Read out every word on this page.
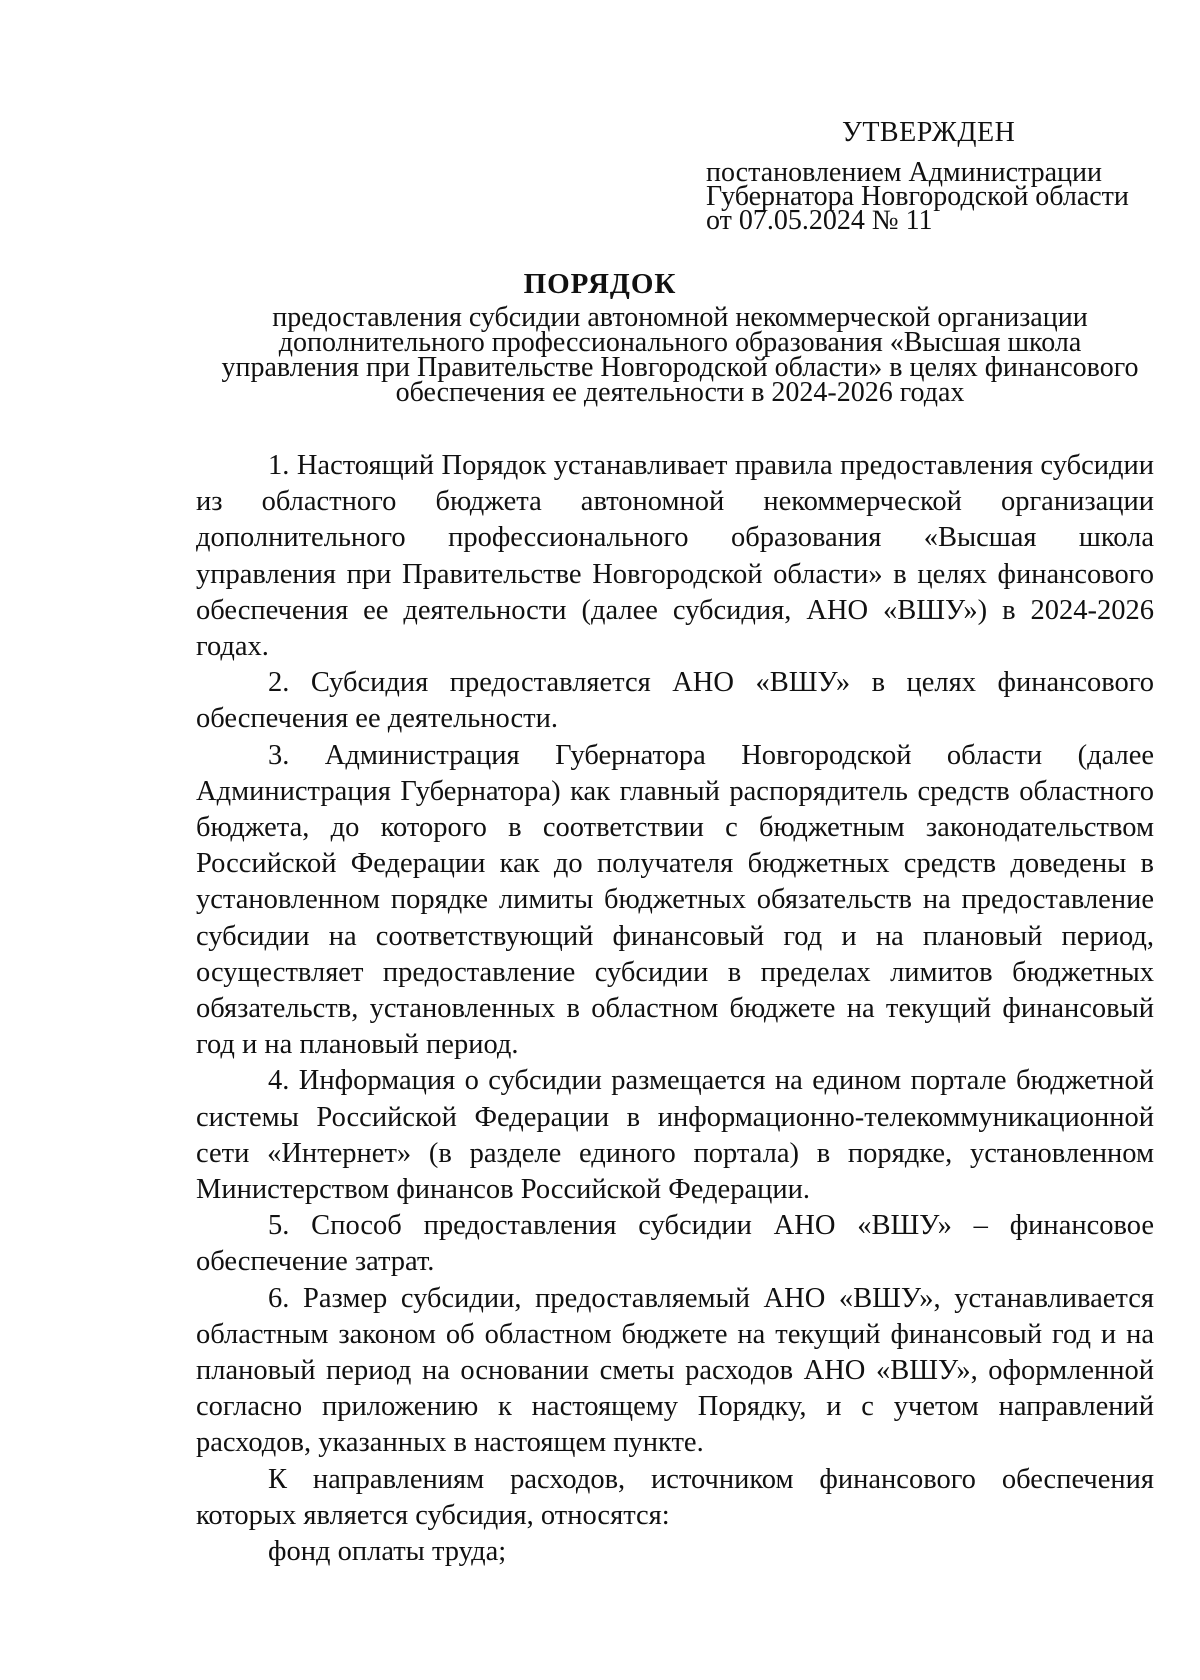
УТВЕРЖДЕН
постановлением Администрации
Губернатора Новгородской области
от 07.05.2024 № 11
ПОРЯДОК
предоставления субсидии автономной некоммерческой организации
дополнительного профессионального образования «Высшая школа
управления при Правительстве Новгородской области» в целях финансового
обеспечения ее деятельности в 2024-2026 годах

1. Настоящий Порядок устанавливает правила предоставления субсидии из областного бюджета автономной некоммерческой организации дополнительного профессионального образования «Высшая школа управления при Правительстве Новгородской области» в целях финансового обеспечения ее деятельности (далее субсидия, АНО «ВШУ») в 2024-2026 годах.

2. Субсидия предоставляется АНО «ВШУ» в целях финансового обеспечения ее деятельности.

3. Администрация Губернатора Новгородской области (далее Администрация Губернатора) как главный распорядитель средств областного бюджета, до которого в соответствии с бюджетным законодательством Российской Федерации как до получателя бюджетных средств доведены в установленном порядке лимиты бюджетных обязательств на предоставление субсидии на соответствующий финансовый год и на плановый период, осуществляет предоставление субсидии в пределах лимитов бюджетных обязательств, установленных в областном бюджете на текущий финансовый год и на плановый период.

4. Информация о субсидии размещается на едином портале бюджетной системы Российской Федерации в информационно-телекоммуникационной сети «Интернет» (в разделе единого портала) в порядке, установленном Министерством финансов Российской Федерации.

5. Способ предоставления субсидии АНО «ВШУ» – финансовое обеспечение затрат.

6. Размер субсидии, предоставляемый АНО «ВШУ», устанавливается областным законом об областном бюджете на текущий финансовый год и на плановый период на основании сметы расходов АНО «ВШУ», оформленной согласно приложению к настоящему Порядку, и с учетом направлений расходов, указанных в настоящем пункте.

К направлениям расходов, источником финансового обеспечения которых является субсидия, относятся:

фонд оплаты труда;
